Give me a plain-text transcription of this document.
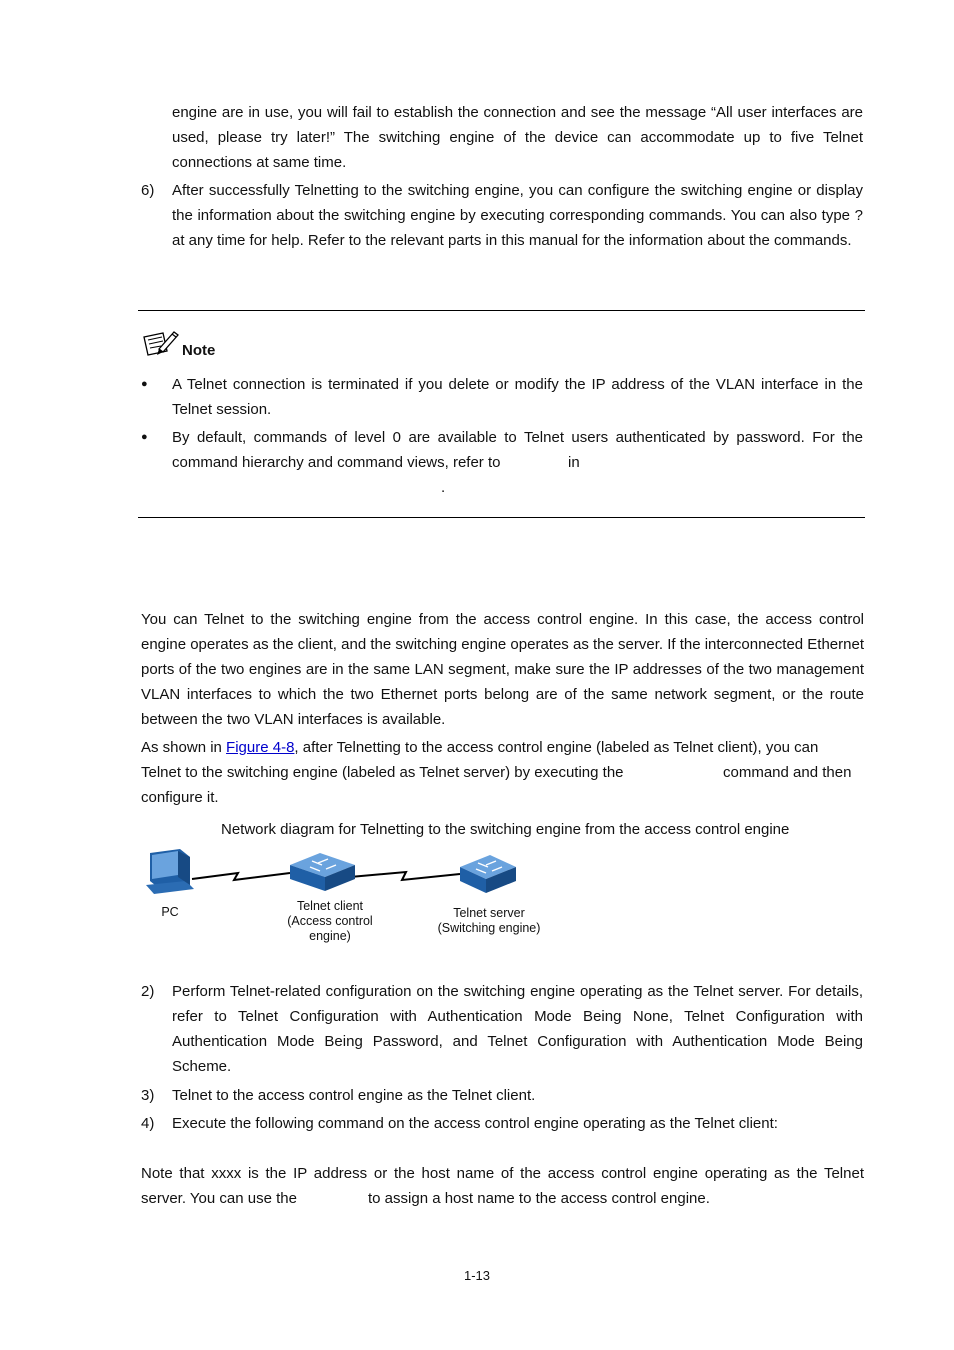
engine are in use, you will fail to establish the connection and see the message “All user interfaces are used, please try later!” The switching engine of the device can accommodate up to five Telnet connections at same time.
6) After successfully Telnetting to the switching engine, you can configure the switching engine or display the information about the switching engine by executing corresponding commands. You can also type ? at any time for help. Refer to the relevant parts in this manual for the information about the commands.
Note
● A Telnet connection is terminated if you delete or modify the IP address of the VLAN interface in the Telnet session.
● By default, commands of level 0 are available to Telnet users authenticated by password. For the command hierarchy and command views, refer to	in
.
You can Telnet to the switching engine from the access control engine. In this case, the access control engine operates as the client, and the switching engine operates as the server. If the interconnected Ethernet ports of the two engines are in the same LAN segment, make sure the IP addresses of the two management VLAN interfaces to which the two Ethernet ports belong are of the same network segment, or the route between the two VLAN interfaces is available.
As shown in Figure 4-8, after Telnetting to the access control engine (labeled as Telnet client), you can
Telnet to the switching engine (labeled as Telnet server) by executing the	command and then
configure it.
Network diagram for Telnetting to the switching engine from the access control engine
PC	Telnet client
(Access control
engine)
Telnet server
(Switching engine)
2) Perform Telnet-related configuration on the switching engine operating as the Telnet server. For details, refer to Telnet Configuration with Authentication Mode Being None, Telnet Configuration with Authentication Mode Being Password, and Telnet Configuration with Authentication Mode Being Scheme.
3) Telnet to the access control engine as the Telnet client.
4) Execute the following command on the access control engine operating as the Telnet client:
Note that xxxx is the IP address or the host name of the access control engine operating as the Telnet server. You can use the	to assign a host name to the access control engine.
1-13
